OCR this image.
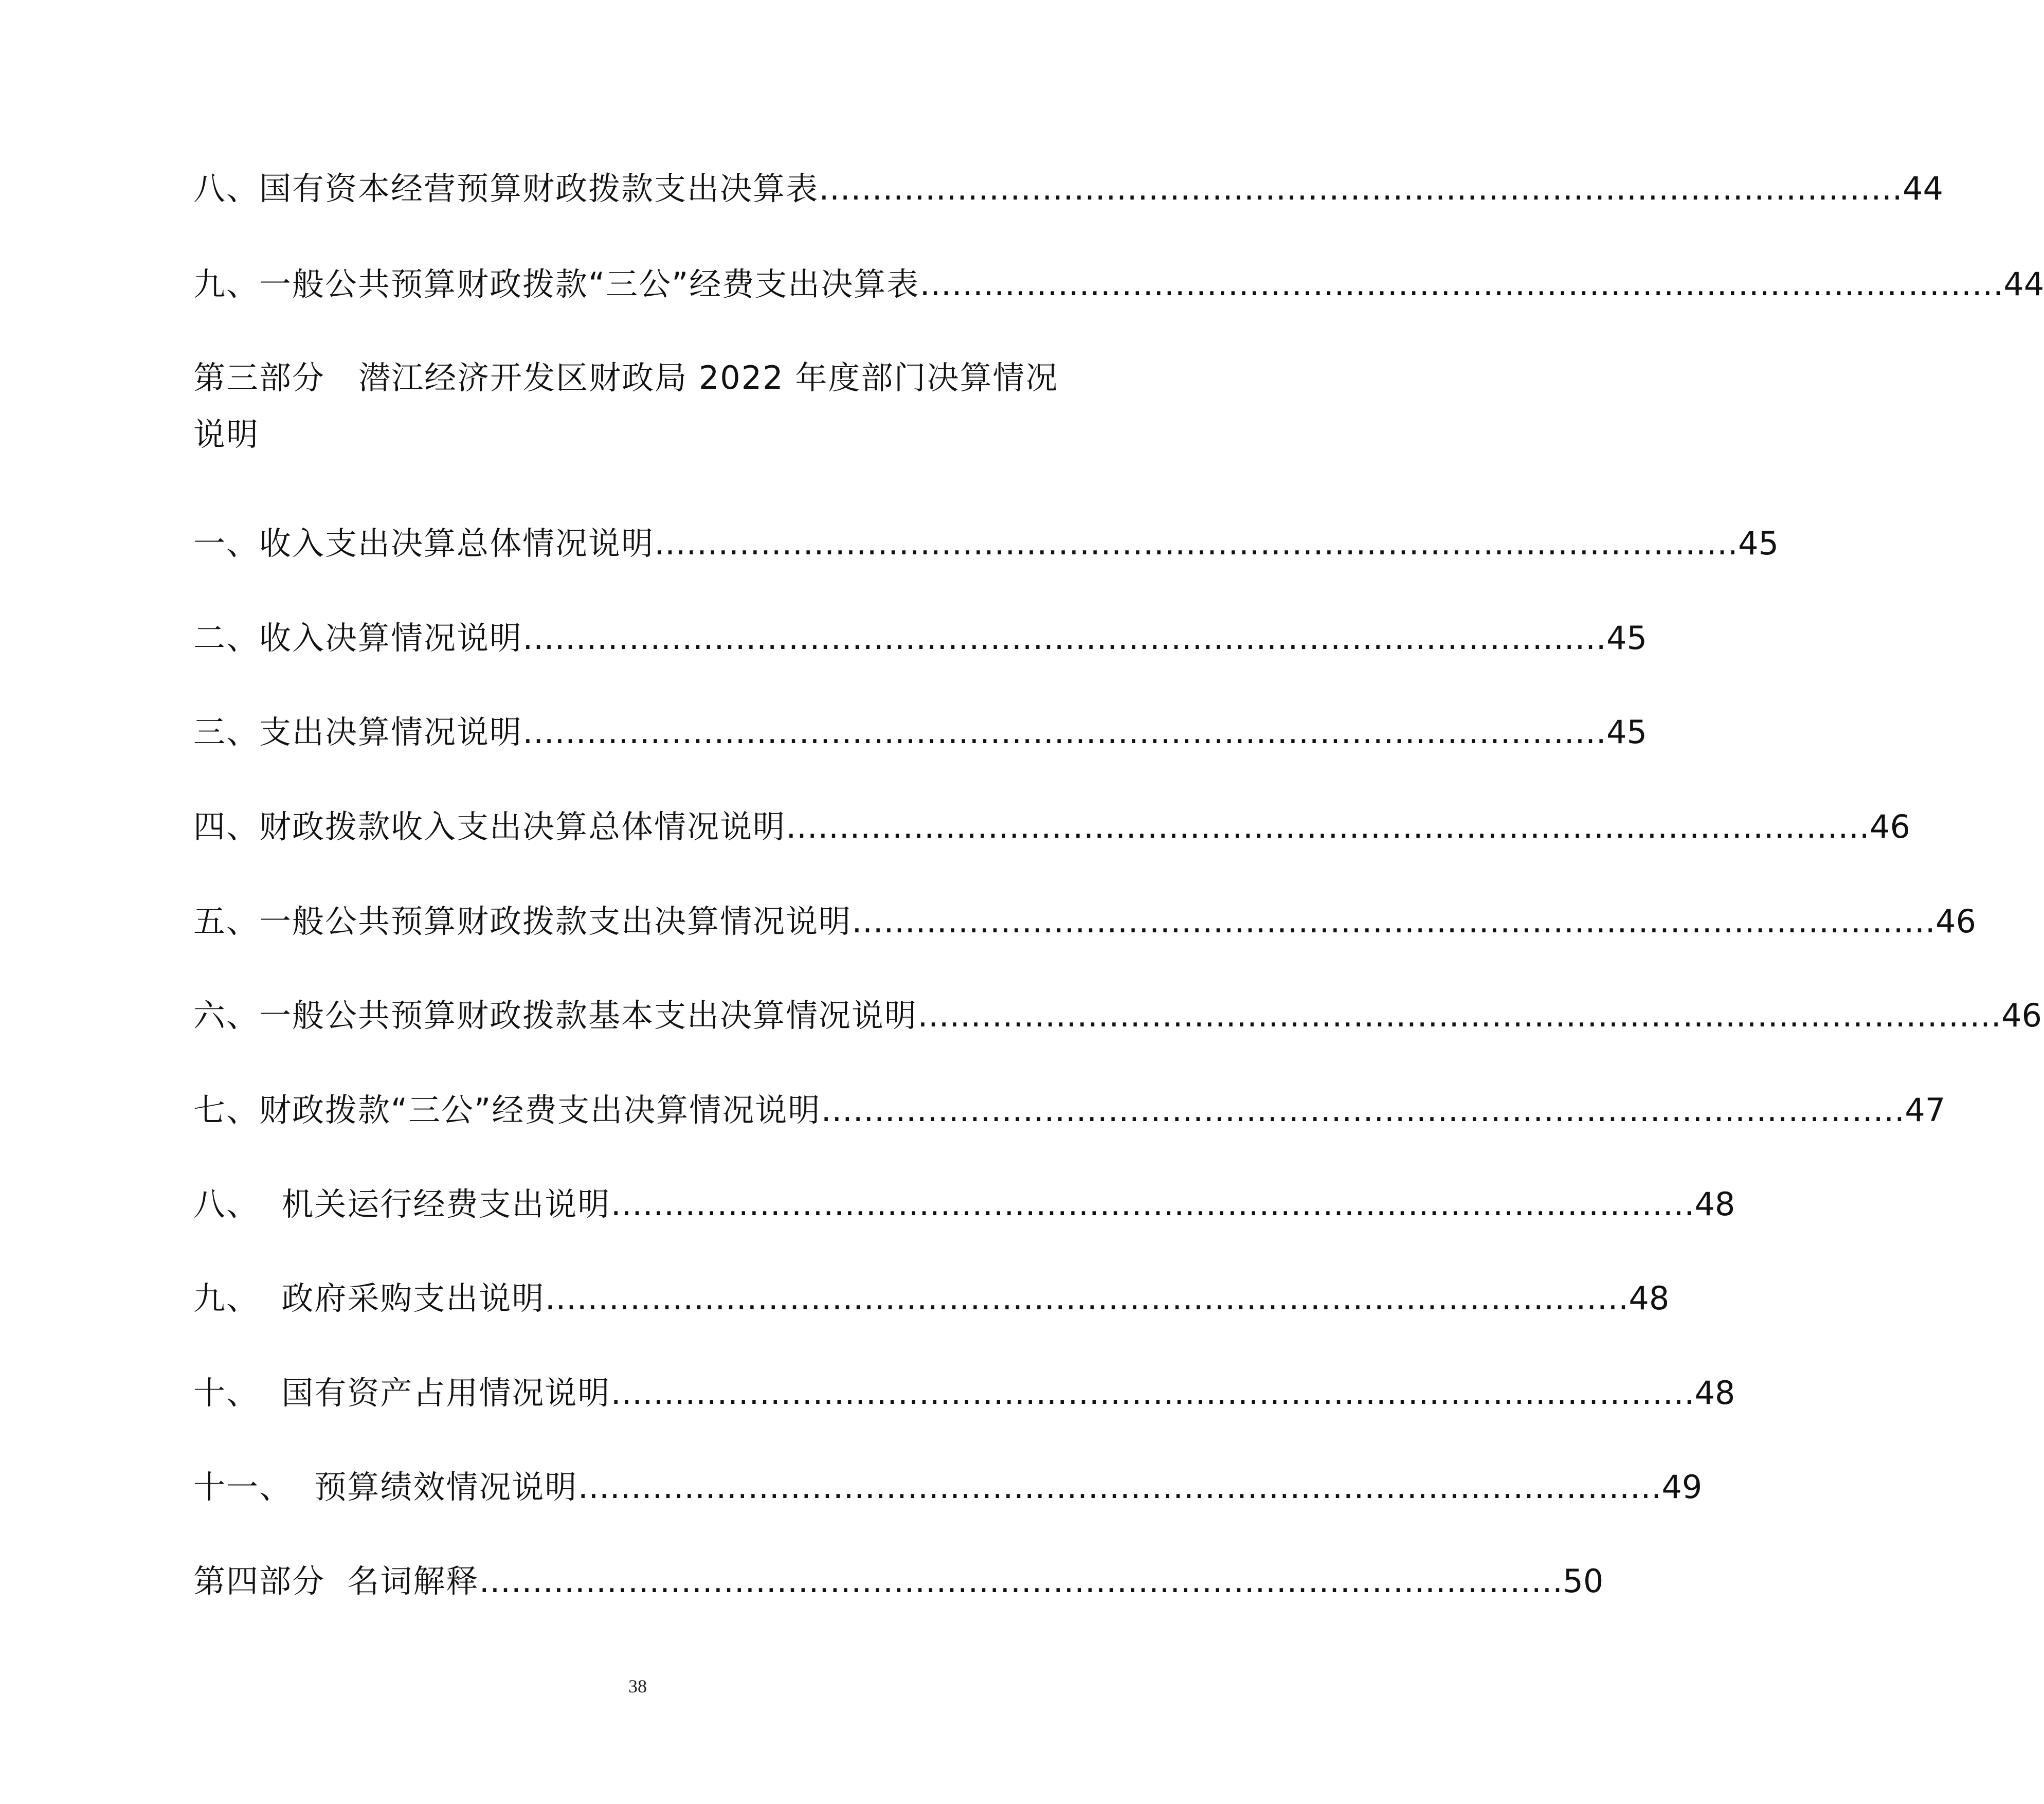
八、国有资本经营预算财政拨款支出决算表 ………………………………………………………………………………………… 44
九、一般公共预算财政拨款“三公”经费支出决算表 ………………………………………………………………………………………… 44
第三部分   潜江经济开发区财政局 2022 年度部门决算情况
说明
一、收入支出决算总体情况说明 ………………………………………………………………………………………… 45
二、收入决算情况说明 ………………………………………………………………………………………… 45
三、支出决算情况说明 ………………………………………………………………………………………… 45
四、财政拨款收入支出决算总体情况说明 ………………………………………………………………………………………… 46
五、一般公共预算财政拨款支出决算情况说明 ………………………………………………………………………………………… 46
六、一般公共预算财政拨款基本支出决算情况说明 ………………………………………………………………………………………… 46
七、财政拨款“三公”经费支出决算情况说明 ………………………………………………………………………………………… 47
八、  机关运行经费支出说明 ………………………………………………………………………………………… 48
九、  政府采购支出说明 ………………………………………………………………………………………… 48
十、  国有资产占用情况说明 ………………………………………………………………………………………… 48
十一、  预算绩效情况说明 ………………………………………………………………………………………… 49
第四部分  名词解释 ………………………………………………………………………………………… 50
38
